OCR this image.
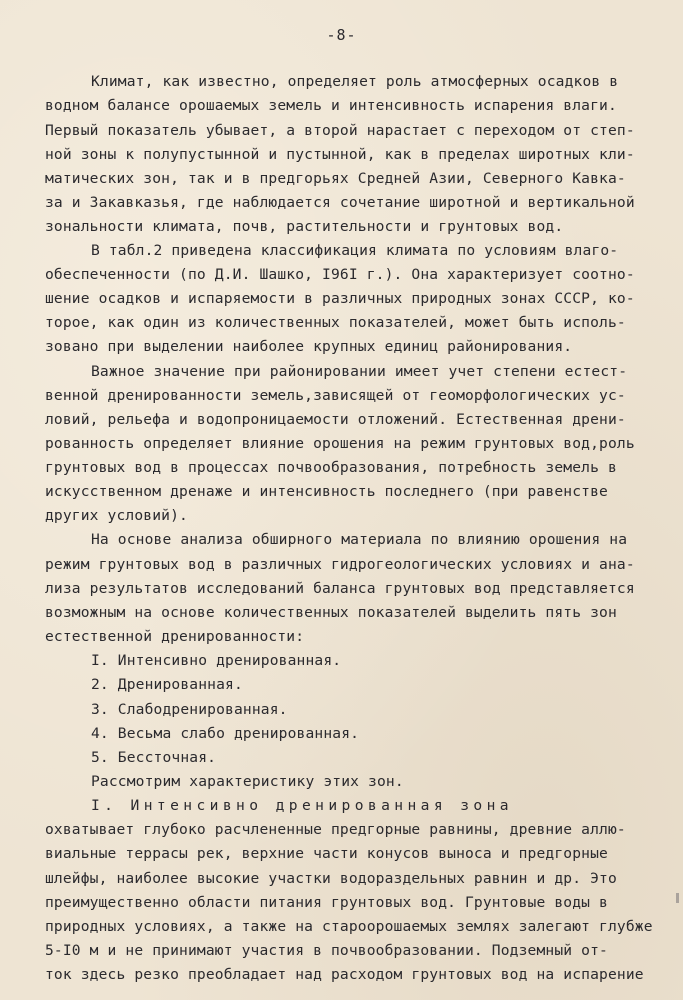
-8-
Климат, как известно, определяет роль атмосферных осадков в
водном балансе орошаемых земель и интенсивность испарения влаги.
Первый показатель убывает, а второй нарастает с переходом от степ-
ной зоны к полупустынной и пустынной, как в пределах широтных кли-
матических зон, так и в предгорьях Средней Азии, Северного Кавка-
за и Закавказья, где наблюдается сочетание широтной и вертикальной
зональности климата, почв, растительности и грунтовых вод.
В табл.2 приведена классификация климата по условиям влаго-
обеспеченности (по Д.И. Шашко, I96I г.). Она характеризует соотно-
шение осадков и испаряемости в различных природных зонах СССР, ко-
торое, как один из количественных показателей, может быть исполь-
зовано при выделении наиболее крупных единиц районирования.
Важное значение при районировании имеет учет степени естест-
венной дренированности земель,зависящей от геоморфологических ус-
ловий, рельефа и водопроницаемости отложений. Естественная дрени-
рованность определяет влияние орошения на режим грунтовых вод,роль
грунтовых вод в процессах почвообразования, потребность земель в
искусственном дренаже и интенсивность последнего (при равенстве
других условий).
На основе анализа обширного материала по влиянию орошения на
режим грунтовых вод в различных гидрогеологических условиях и ана-
лиза результатов исследований баланса грунтовых вод представляется
возможным на основе количественных показателей выделить пять зон
естественной дренированности:
I. Интенсивно дренированная.
2. Дренированная.
3. Слабодренированная.
4. Весьма слабо дренированная.
5. Бессточная.
Рассмотрим характеристику этих зон.
I. Интенсивно дренированная зона
охватывает глубоко расчлененные предгорные равнины, древние аллю-
виальные террасы рек, верхние части конусов выноса и предгорные
шлейфы, наиболее высокие участки водораздельных равнин и др. Это
преимущественно области питания грунтовых вод. Грунтовые воды в
природных условиях, а также на староорошаемых землях залегают глубже
5-I0 м и не принимают участия в почвообразовании. Подземный от-
ток здесь резко преобладает над расходом грунтовых вод на испарение
